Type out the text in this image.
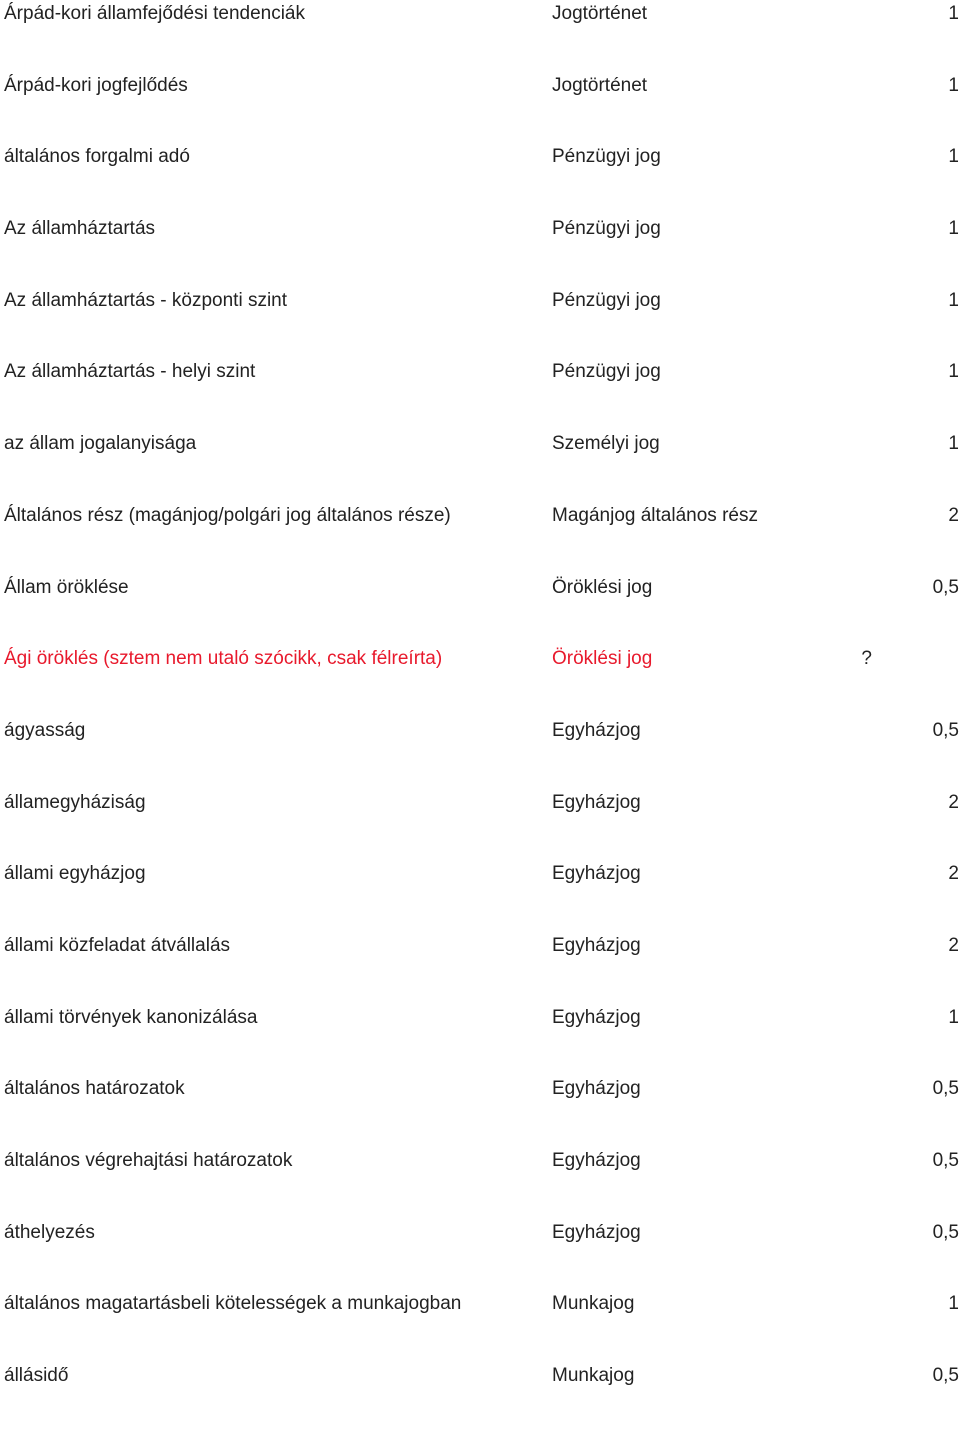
Árpád-kori államfejődési tendenciák	Jogtörténet	1
Árpád-kori jogfejlődés	Jogtörténet	1
általános forgalmi adó	Pénzügyi jog	1
Az államháztartás	Pénzügyi jog	1
Az államháztartás - központi szint	Pénzügyi jog	1
Az államháztartás - helyi szint	Pénzügyi jog	1
az állam jogalanyisága	Személyi jog	1
Általános rész (magánjog/polgári jog általános része)	Magánjog általános rész	2
Állam öröklése	Öröklési jog	0,5
Ági öröklés (sztem nem utaló szócikk, csak félreírta)	Öröklési jog	?
ágyasság	Egyházjog	0,5
államegyháziság	Egyházjog	2
állami egyházjog	Egyházjog	2
állami közfeladat átvállalás	Egyházjog	2
állami törvények kanonizálása	Egyházjog	1
általános határozatok	Egyházjog	0,5
általános végrehajtási határozatok	Egyházjog	0,5
áthelyezés	Egyházjog	0,5
általános magatartásbeli kötelességek a munkajogban	Munkajog	1
állásidő	Munkajog	0,5
